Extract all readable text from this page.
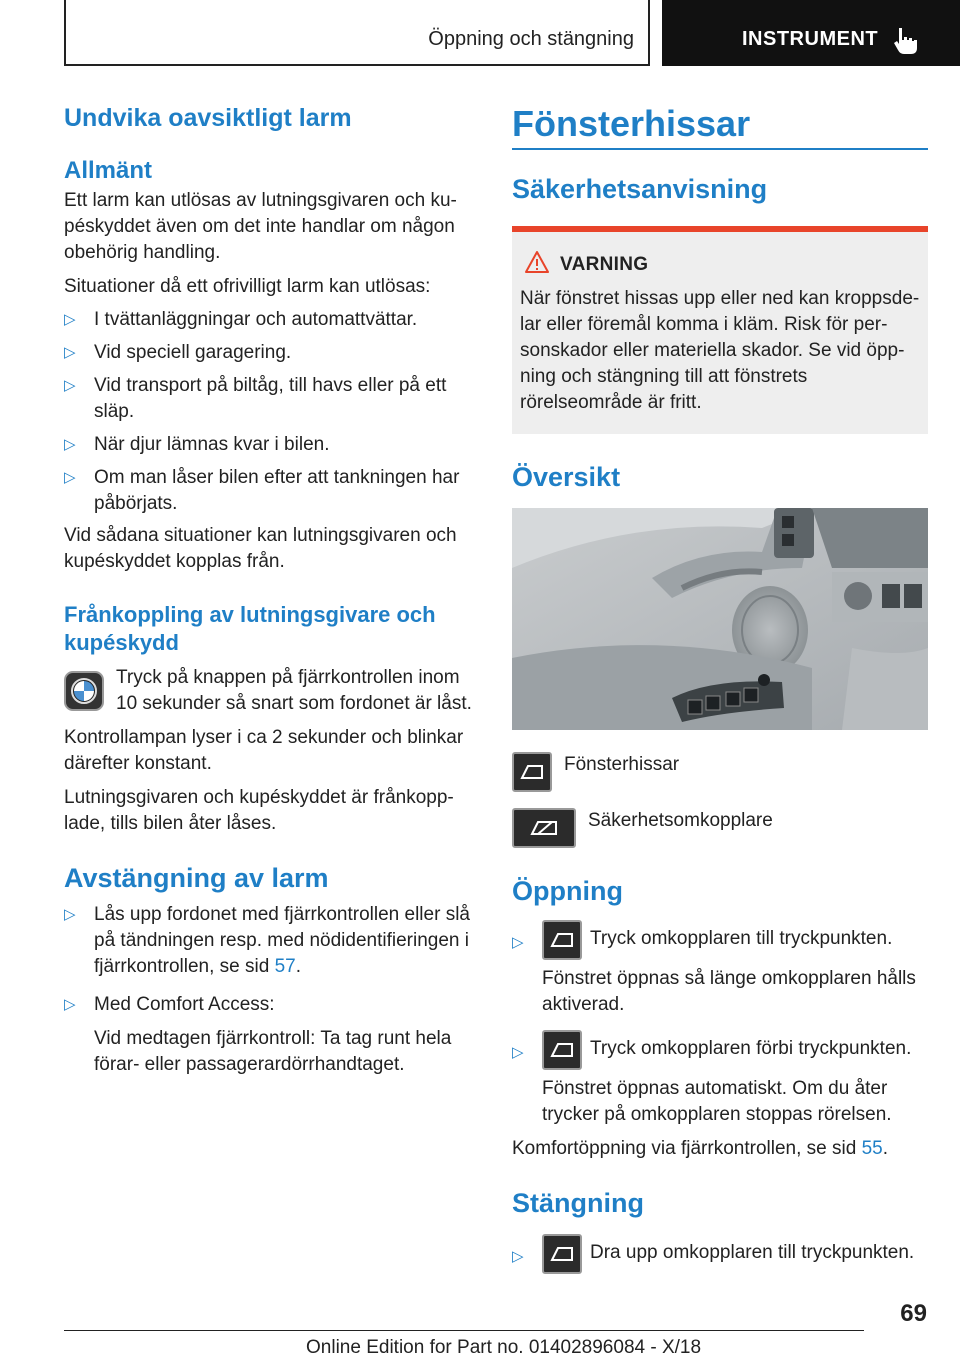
Öppning och stängning	INSTRUMENT
Undvika oavsiktligt larm
Allmänt

Ett larm kan utlösas av lutningsgivaren och ku-
péskyddet även om det inte handlar om någon
obehörig handling.

Situationer då ett ofrivilligt larm kan utlösas:

▷ I tvättanläggningar och automattvättar.
▷ Vid speciell garagering.
▷ Vid transport på biltåg, till havs eller på ett
släp.
▷ När djur lämnas kvar i bilen.
▷ Om man låser bilen efter att tankningen har
påbörjats.

Vid sådana situationer kan lutningsgivaren och
kupéskyddet kopplas från.

Frånkoppling av lutningsgivare och
kupéskydd

Tryck på knappen på fjärrkontrollen inom
10 sekunder så snart som fordonet är låst.

Kontrollampan lyser i ca 2 sekunder och blinkar
därefter konstant.

Lutningsgivaren och kupéskyddet är frånkopp-
lade, tills bilen åter låses.

Avstängning av larm
▷ Lås upp fordonet med fjärrkontrollen eller slå
på tändningen resp. med nödidentifieringen i
fjärrkontrollen, se sid 57.
▷ Med Comfort Access:

Vid medtagen fjärrkontroll: Ta tag runt hela
förar- eller passagerardörrhandtaget.

Fönsterhissar
Säkerhetsanvisning
VARNING

När fönstret hissas upp eller ned kan kroppsde-
lar eller föremål komma i kläm. Risk för per-
sonskador eller materiella skador. Se vid öpp-
ning och stängning till att fönstrets
rörelseområde är fritt.

Översikt

Fönsterhissar

Säkerhetsomkopplare

Öppning
▷	Tryck omkopplaren till tryckpunkten.

Fönstret öppnas så länge omkopplaren hålls
aktiverad.

▷	Tryck omkopplaren förbi tryckpunkten.

Fönstret öppnas automatiskt. Om du åter
trycker på omkopplaren stoppas rörelsen.

Komfortöppning via fjärrkontrollen, se sid 55.

Stängning
▷	Dra upp omkopplaren till tryckpunkten.
69
Online Edition for Part no. 01402896084 - X/18
